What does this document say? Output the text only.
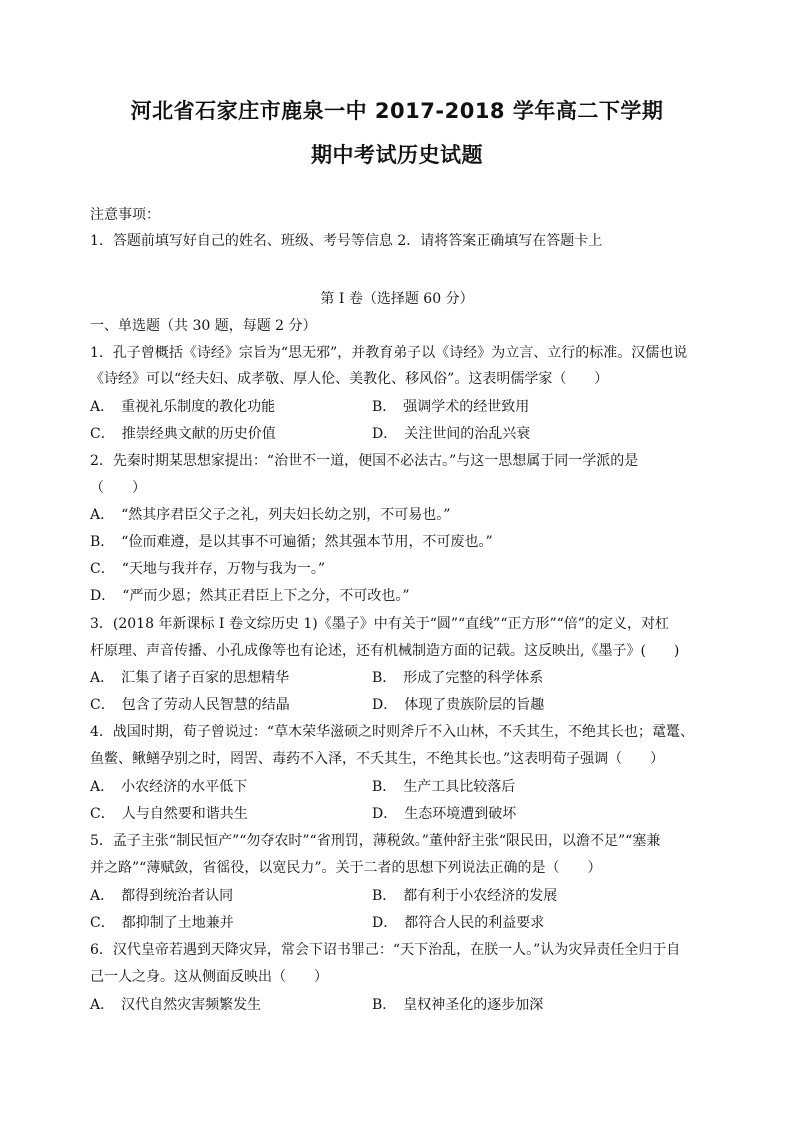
河北省石家庄市鹿泉一中 2017-2018 学年高二下学期
期中考试历史试题
注意事项：
1．答题前填写好自己的姓名、班级、考号等信息 2．请将答案正确填写在答题卡上
第 I 卷（选择题 60 分）
一、单选题（共 30 题，每题 2 分）
1．孔子曾概括《诗经》宗旨为“思无邪”，并教育弟子以《诗经》为立言、立行的标准。汉儒也说
《诗经》可以“经夫妇、成孝敬、厚人伦、美教化、移风俗”。这表明儒学家（　　）
A．　重视礼乐制度的教化功能	B．　强调学术的经世致用
C．　推崇经典文献的历史价值	D．　关注世间的治乱兴衰
2．先秦时期某思想家提出：“治世不一道，便国不必法古。”与这一思想属于同一学派的是
（　　）
A．　“然其序君臣父子之礼，列夫妇长幼之别，不可易也。”
B．　“俭而难遵，是以其事不可遍循；然其强本节用，不可废也。”
C．　“天地与我并存，万物与我为一。”
D．　“严而少恩；然其正君臣上下之分，不可改也。”
3．(2018 年新课标 I 卷文综历史 1)《墨子》中有关于“圆”“直线”“正方形”“倍”的定义，对杠
杆原理、声音传播、小孔成像等也有论述，还有机械制造方面的记载。这反映出,《墨子》(　　)
A．　汇集了诸子百家的思想精华	B．　形成了完整的科学体系
C．　包含了劳动人民智慧的结晶	D．　体现了贵族阶层的旨趣
4．战国时期，荀子曾说过：“草木荣华滋硕之时则斧斤不入山林，不夭其生，不绝其长也；鼋鼍、
鱼鳖、鳅鳝孕别之时，罔罟、毒药不入泽，不夭其生，不绝其长也。”这表明荀子强调（　　）
A．　小农经济的水平低下	B．　生产工具比较落后
C．　人与自然要和谐共生	D．　生态环境遭到破坏
5．孟子主张“制民恒产”“勿夺农时”“省刑罚，薄税敛。”董仲舒主张“限民田，以澹不足”“塞兼
并之路”“薄赋敛，省徭役，以宽民力”。关于二者的思想下列说法正确的是（　　）
A．　都得到统治者认同	B．　都有利于小农经济的发展
C．　都抑制了土地兼并	D．　都符合人民的利益要求
6．汉代皇帝若遇到天降灾异，常会下诏书罪己：“天下治乱，在朕一人。”认为灾异责任全归于自
己一人之身。这从侧面反映出（　　）
A．　汉代自然灾害频繁发生	B．　皇权神圣化的逐步加深
